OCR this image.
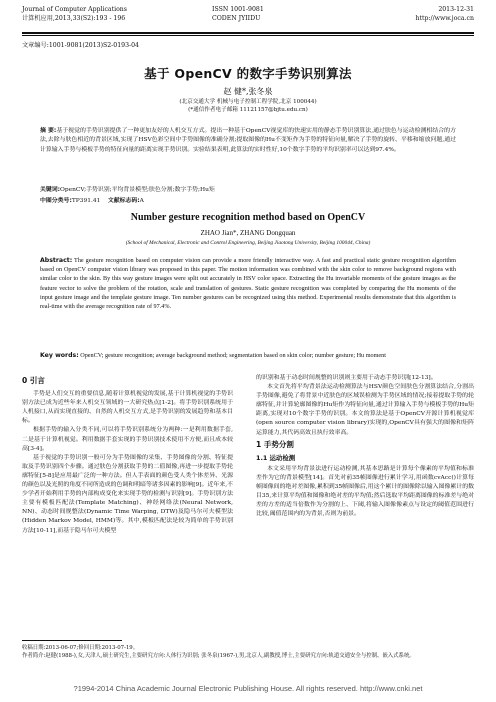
Journal of Computer Applications
计算机应用,2013,33(S2):193 - 196
ISSN 1001-9081
CODEN JYIIDU
2013-12-31
http://www.joca.cn
文章编号:1001-9081(2013)S2-0193-04
基于 OpenCV 的数字手势识别算法
赵 健*,张冬泉
(北京交通大学 机械与电子控制工程学院,北京 100044)
(*通信作者电子邮箱 11121157@bjtu.edu.cn)
摘 要:基于视觉的手势识别提供了一种更加友好的人机交互方式。提出一种基于OpenCV视觉库的快速实用的静态手势识别算法,通过肤色与运动检测相结合的方法,去除与肤色相近的背景区域,实现了HSV色彩空间中手势图像的准确分割;提取图像的Hu不变矩作为手势的特征向量,解决了手势的旋转、平移和缩放问题,通过计算输入手势与模板手势的特征向量的距离实现手势识别。实验结果表明,此算法的实时性好,10个数字手势的平均识别率可以达到97.4%。
关键词:OpenCV;手势识别;平均背景模型;肤色分割;数字手势;Hu矩
中图分类号:TP391.41 文献标志码:A
Number gesture recognition method based on OpenCV
ZHAO Jian*, ZHANG Dongquan
(School of Mechanical, Electronic and Control Engineering, Beijing Jiaotong University, Beijing 100044, China)
Abstract: The gesture recognition based on computer vision can provide a more friendly interactive way. A fast and practical static gesture recognition algorithm based on OpenCV computer vision library was proposed in this paper. The motion information was combined with the skin color to remove background regions with similar color to the skin. By this way gesture images were split out accurately in HSV color space. Extracting the Hu invariable moments of the gesture images as the feature vector to solve the problem of the rotation, scale and translation of gestures. Static gesture recognition was completed by comparing the Hu moments of the input gesture image and the template gesture image. Ten number gestures can be recognized using this method. Experimental results demonstrate that this algorithm is real-time with the average recognition rate of 97.4%.
Key words: OpenCV; gesture recognition; average background method; segmentation based on skin color; number gesture; Hu moment
0 引言

手势是人们交互的重要信息,随着计算机视觉的发展,基于计算机视觉的手势识别方法已成为近些年来人机交互领域的一大研究热点[1-2]。将手势识别系统用于人机接口,从而实现直接的、自然的人机交互方式,是手势识别的发展趋势和基本目标。

根据手势的输入分类不同,可以将手势识别系统分为两种:一是利用数据手套,二是基于计算机视觉。利用数据手套实现的手势识别技术使用不方便,而且成本较高[3-4]。

基于视觉的手势识别一般可分为手势图像的采集、手势图像的分割、特征提取及手势识别四个步骤。通过肤色分割获取手势的二值图像,再进一步提取手势轮廓特征[5-8]是应用最广泛的一种方法。但人手表面的颜色受人类个体差异、光源的颜色以及光照的角度不同所造成的色调和明暗等诸多因素的影响[9]。近年来,不少学者开始利用手势的内部构成变化来实现手势的检测与识别[9]。手势识别方法主要有模板匹配法(Template Matching)、神经网络法(Neural Network, NN)、动态时间规整法(Dynamic Time Warping, DTW)及隐马尔可夫模型法(Hidden Markov Model, HMM)等。其中,模板匹配法是较为简单的手势识别方法[10-11],而基于隐马尔可夫模型

的识别和基于动态时间规整的识别则主要用于动态手势识别[12-13]。

本文首先将平均背景法运动检测算法与HSV颜色空间肤色分割算法结合,分割出手势图像,避免了将背景中近肤色的区域误检测为手势区域的情况;接着提取手势的轮廓特征,并计算轮廓图像的Hu矩作为特征向量,通过计算输入手势与模板手势的Hu矩距离,实现对10个数字手势的识别。本文的算法是基于OpenCV开源计算机视觉库(open source computer vision library)实现的,OpenCV具有强大的图像和矩阵运算能力,其代码高效且执行效率高。

1 手势分割
1.1 运动检测

本文采用平均背景法进行运动检测,其基本思路是计算每个像素的平均值和标准差作为它的背景模型[14]。首先对前35帧图像进行累计学习,用函数cvAcc()计算每帧图像间的绝对差图像,累积到35帧图像后,用这个累计的图像除以输入图像累计的数目35,来计算平均值和图像和绝对差的平均值;然后选取平均距离图像的标准差与绝对差的方差的适当倍数作为分割的上、下阈,将输入图像像素点与设定的阈值范围进行比较,阈值范围内的为背景,否则为前景。

收稿日期:2013-06-07;修回日期:2013-07-19。
作者简介:赵健(1988-),女,天津人,硕士研究生,主要研究方向:人体行为识别; 张冬泉(1967-),男,北京人,副教授,博士,主要研究方向:轨道交通安全与控制、嵌入式系统。
?1994-2014 China Academic Journal Electronic Publishing House. All rights reserved. http://www.cnki.net
